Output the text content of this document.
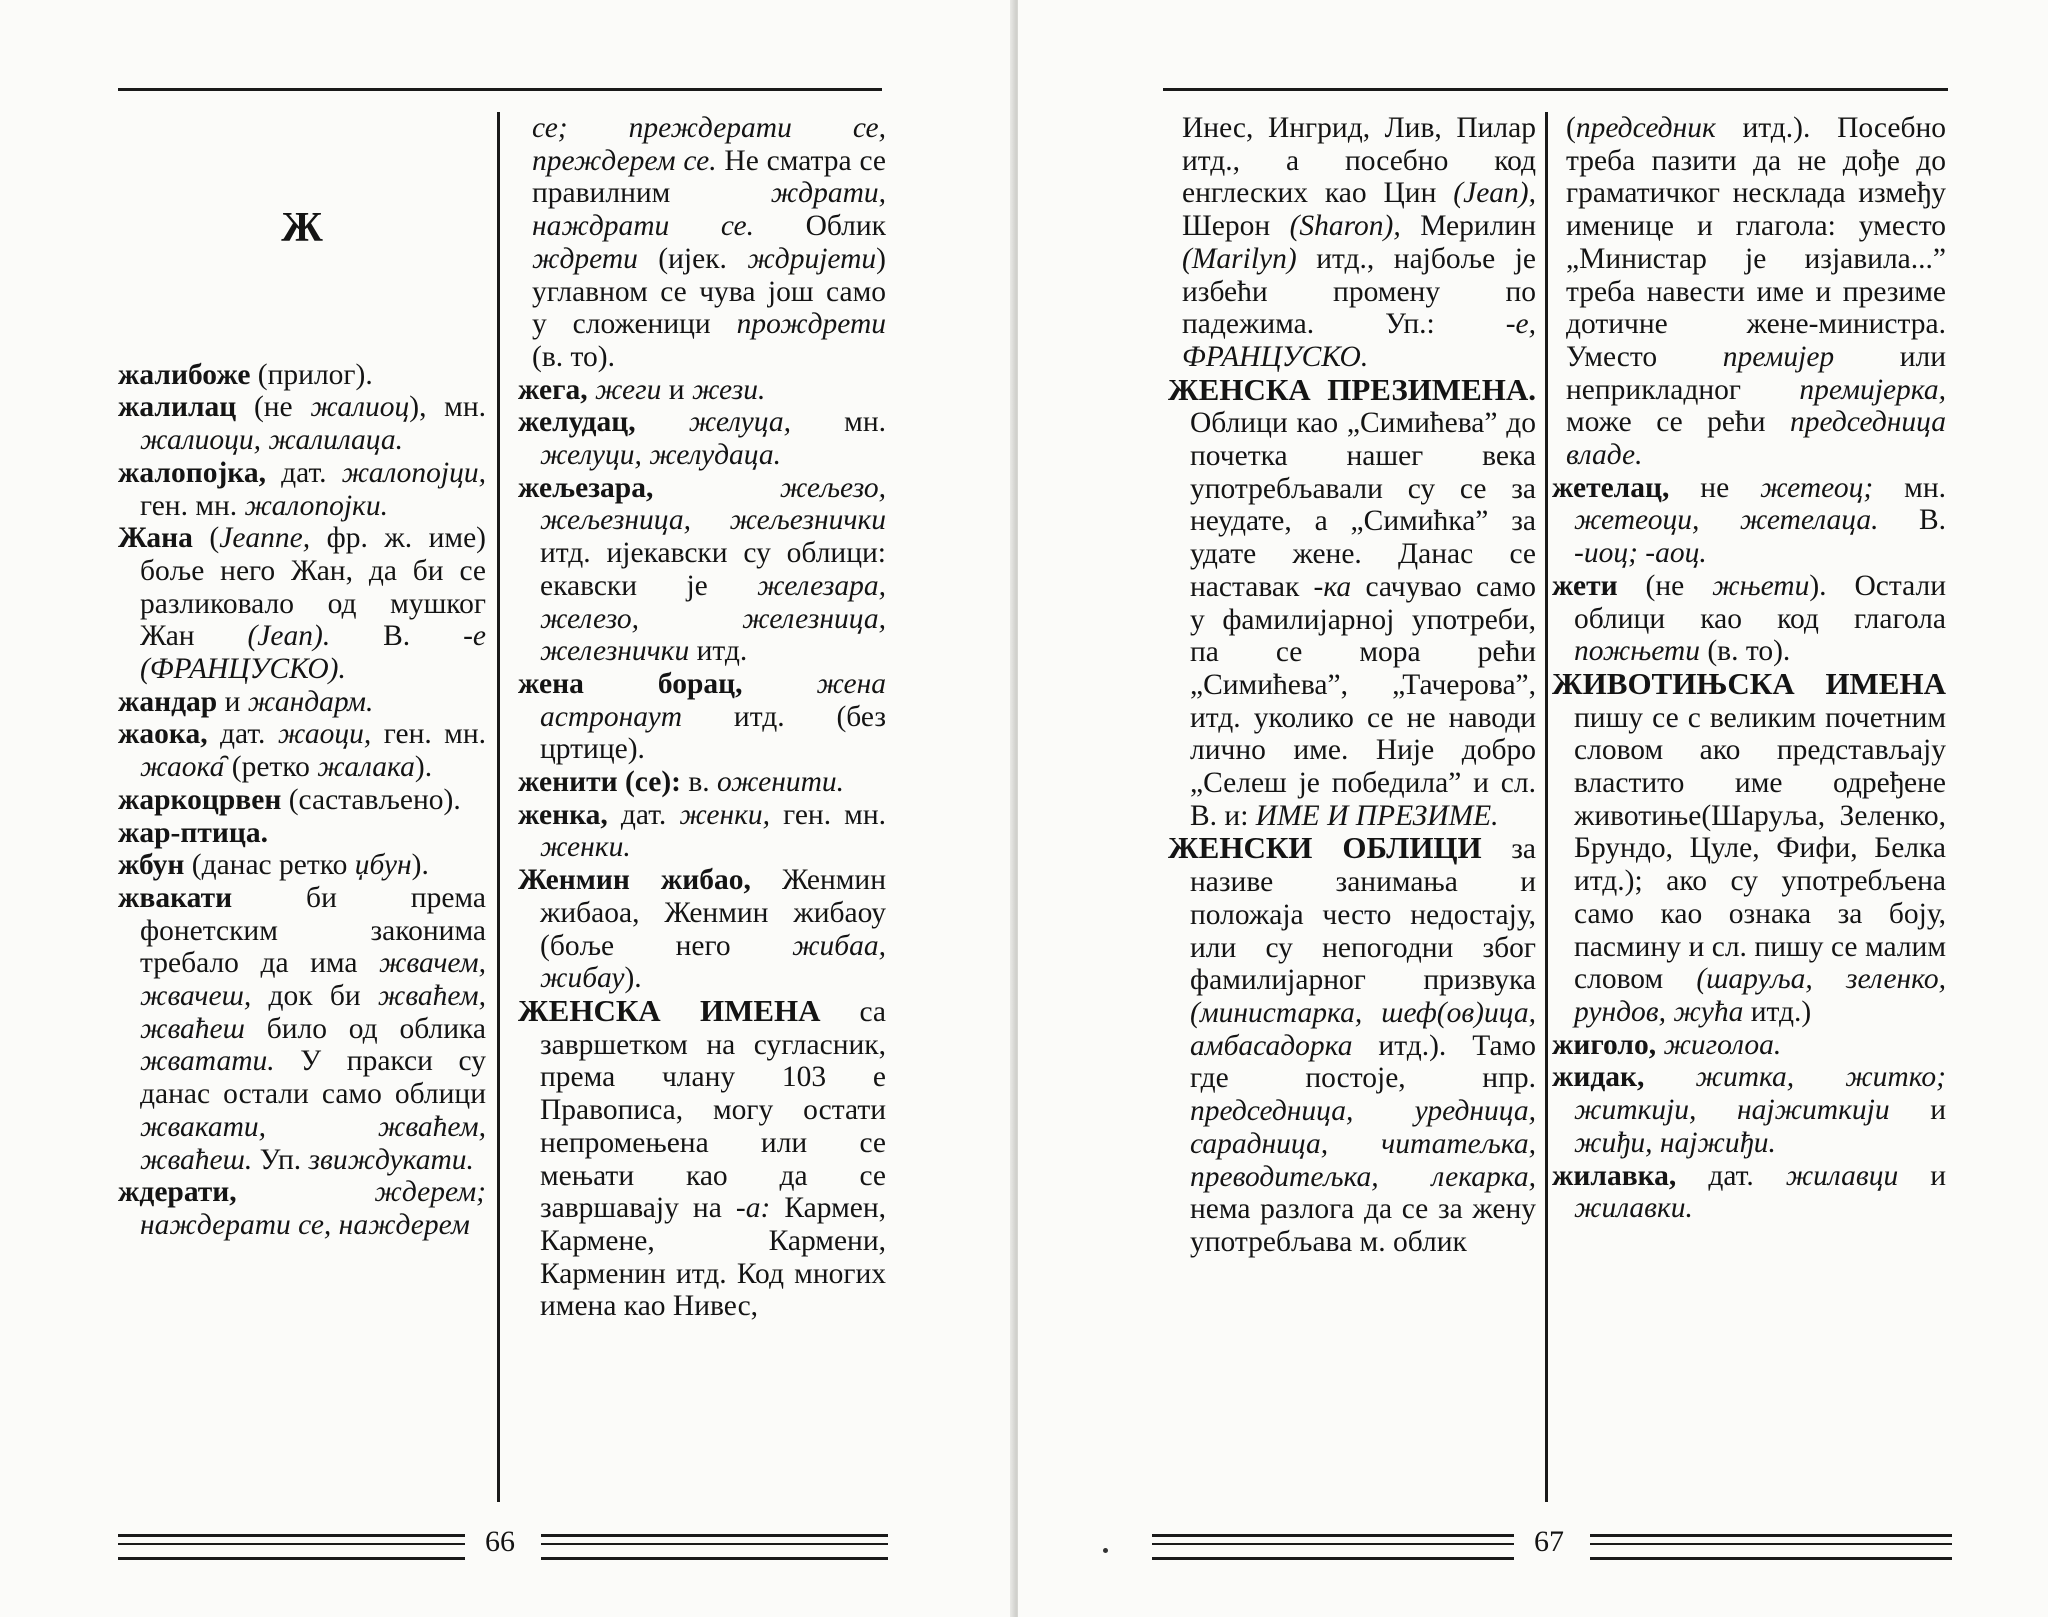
Ж

жалибоже (прилог).

жалилац (не жалиоц), мн. жалиоци, жалилаца.

жалопојка, дат. жалопојци, ген. мн. жалопојки.

Жана (Jeanne, фр. ж. име) боље него Жан, да би се разликовало од мушког Жан (Jean). В. -е (ФРАНЦУСКО).

жандар и жандарм.

жаока, дат. жаоци, ген. мн. жаока̑ (ретко жалака).

жаркоцрвен (састављено).

жар-птица.

жбун (данас ретко џбун).

жвакати би према фонетским законима требало да има жвачем, жвачеш, док би жваћем, жваћеш било од облика жватати. У пракси су данас остали само облици жвакати, жваћем, жваћеш. Уп. звиждукати.

ждерати, ждерем; наждерати се, наждерем

се; преждерати се, преждерем се. Не сматра се правилним ждрати, наждрати се. Облик ждрети (ијек. ждријети) углавном се чува још само у сложеници прождрети (в. то).

жега, жеги и жези.

желудац, желуца, мн. желуци, желудаца.

жељезара, жељезо, жељезница, жељезнички итд. ијекавски су облици: екавски је железара, железо, железница, железнички итд.

жена борац, жена астронаут итд. (без цртице).

женити (се): в. оженити.

женка, дат. женки, ген. мн. женки.

Женмин жибао, Женмин жибаоа, Женмин жибаоу (боље него жибаа, жибау).

ЖЕНСКА ИМЕНА са завршетком на сугласник, према члану 103 е Правописа, могу остати непромењена или се мењати као да се завршавају на -а: Кармен, Кармене, Кармени, Карменин итд. Код многих имена као Нивес,

66

Инес, Ингрид, Лив, Пилар итд., а посебно код енглеских као Цин (Jean), Шерон (Sharon), Мерилин (Marilyn) итд., најбоље је избећи промену по падежима. Уп.: -е, ФРАНЦУСКО.

ЖЕНСКА ПРЕЗИМЕНА. Облици као „Симићева” до почетка нашег века употребљавали су се за неудате, а „Симићка” за удате жене. Данас се наставак -ка сачувао само у фамилијарној употреби, па се мора рећи „Симићева”, „Тачерова”, итд. уколико се не наводи лично име. Није добро „Селеш је победила” и сл. В. и: ИМЕ И ПРЕЗИМЕ.

ЖЕНСКИ ОБЛИЦИ за називе занимања и положаја често недостају, или су непогодни због фамилијарног призвука (министарка, шеф(ов)ица, амбасадорка итд.). Тамо где постоје, нпр. председница, уредница, сарадница, читатељка, преводитељка, лекарка, нема разлога да се за жену употребљава м. облик

(председник итд.). Посебно треба пазити да не дође до граматичког несклада између именице и глагола: уместо „Министар је изјавила...” треба навести име и презиме дотичне жене-министра. Уместо премијер или неприкладног премијерка, може се рећи председница владе.

жетелац, не жетеоц; мн. жетеоци, жетелаца. В. -иоц; -аоц.

жети (не жњети). Остали облици као код глагола пожњети (в. то).

ЖИВОТИЊСКА ИМЕНА пишу се с великим почетним словом ако представљају властито име одређене животиње(Шаруља, Зеленко, Брундо, Цуле, Фифи, Белка итд.); ако су употребљена само као ознака за боју, пасмину и сл. пишу се малим словом (шаруља, зеленко, рундов, жућа итд.)

жиголо, жиголоа.

жидак, житка, житко; житкији, најжиткији и жиђи, најжиђи.

жилавка, дат. жилавци и жилавки.

67
